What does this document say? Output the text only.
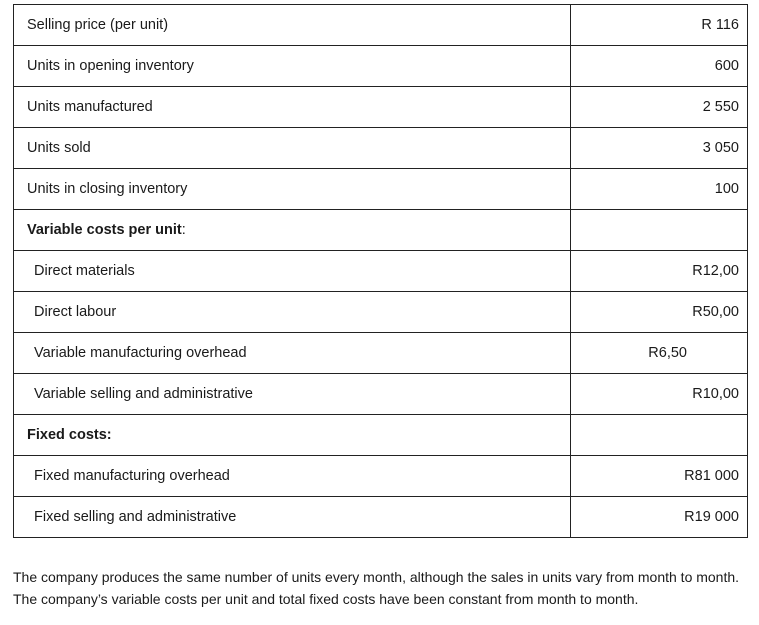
Selling price (per unit)	R 116

Units in opening inventory	600

Units manufactured	2 550

Units sold	3 050

Units in closing inventory	100

Variable costs per unit:	

Direct materials	R12,00

Direct labour	R50,00

Variable manufacturing overhead	R6,50

Variable selling and administrative	R10,00

Fixed costs:	

Fixed manufacturing overhead	R81 000

Fixed selling and administrative	R19 000

The company produces the same number of units every month, although the sales in units vary from month to month. The company’s variable costs per unit and total fixed costs have been constant from month to month.
